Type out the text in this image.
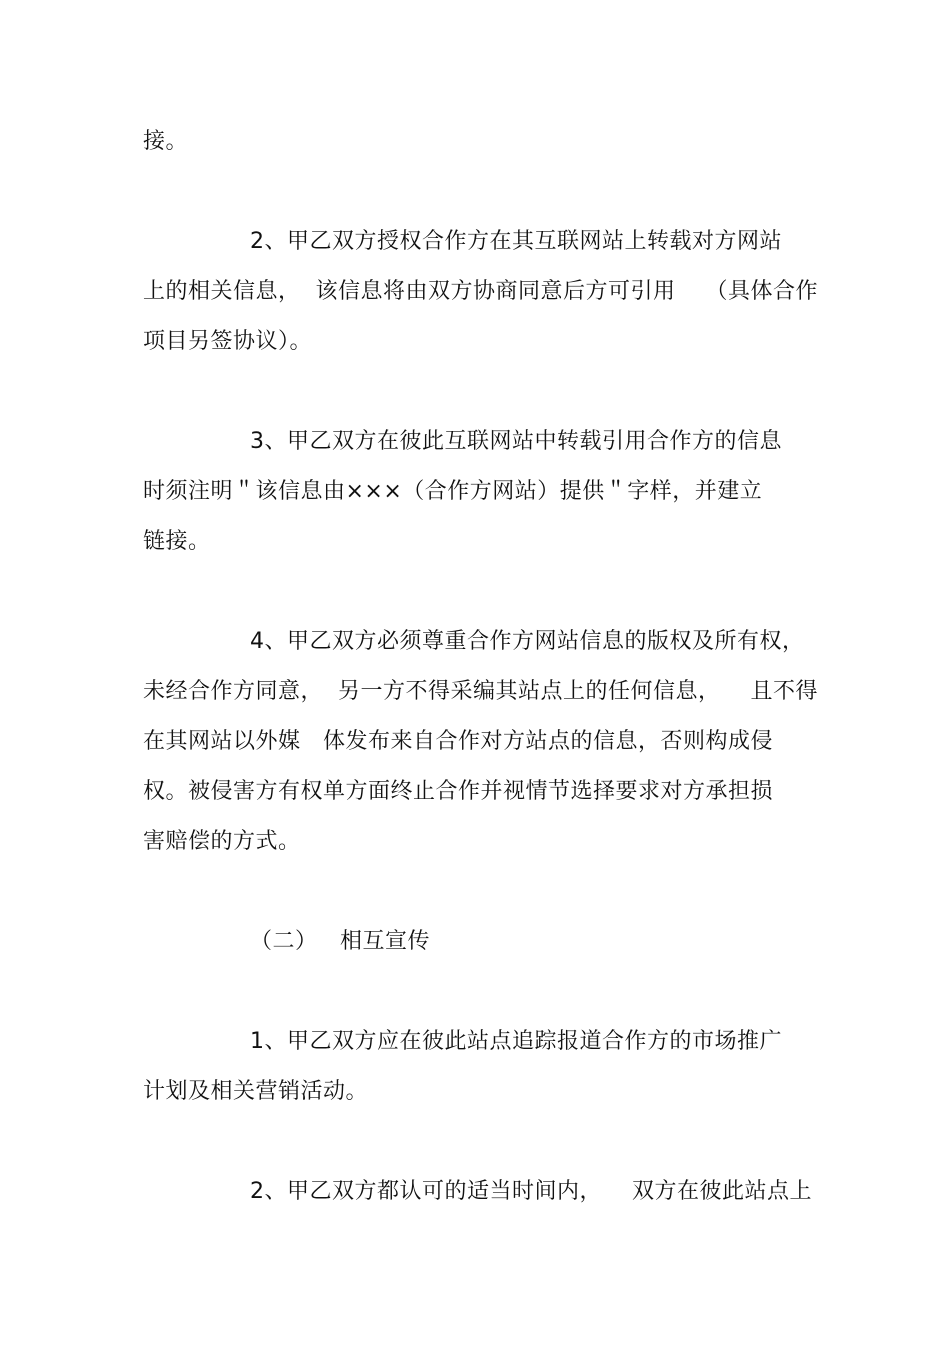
接。
2、甲乙双方授权合作方在其互联网站上转载对方网站
上的相关信息，  该信息将由双方协商同意后方可引用    （具体合作
项目另签协议）。
3、甲乙双方在彼此互联网站中转载引用合作方的信息
时须注明＂该信息由×××（合作方网站）提供＂字样，并建立
链接。
4、甲乙双方必须尊重合作方网站信息的版权及所有权，
未经合作方同意，  另一方不得采编其站点上的任何信息，    且不得
在其网站以外媒   体发布来自合作对方站点的信息，否则构成侵
权。被侵害方有权单方面终止合作并视情节选择要求对方承担损
害赔偿的方式。
（二）   相互宣传
1、甲乙双方应在彼此站点追踪报道合作方的市场推广
计划及相关营销活动。
2、甲乙双方都认可的适当时间内，    双方在彼此站点上
